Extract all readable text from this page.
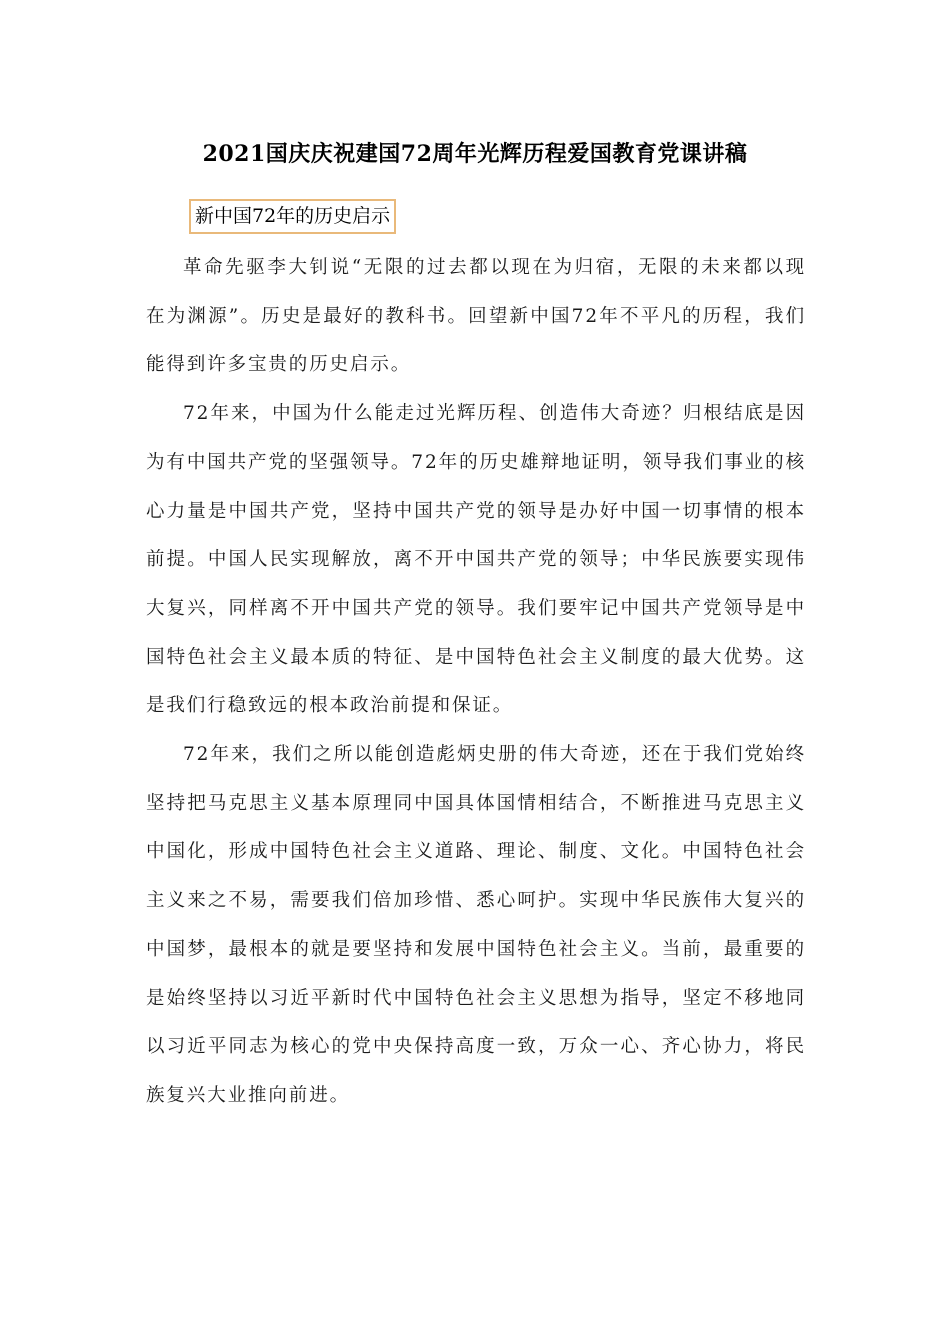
2021国庆庆祝建国72周年光辉历程爱国教育党课讲稿
新中国72年的历史启示

革命先驱李大钊说“无限的过去都以现在为归宿，无限的未来都以现在为渊源”。历史是最好的教科书。回望新中国72年不平凡的历程，我们能得到许多宝贵的历史启示。

72年来，中国为什么能走过光辉历程、创造伟大奇迹？归根结底是因为有中国共产党的坚强领导。72年的历史雄辩地证明，领导我们事业的核心力量是中国共产党，坚持中国共产党的领导是办好中国一切事情的根本前提。中国人民实现解放，离不开中国共产党的领导；中华民族要实现伟大复兴，同样离不开中国共产党的领导。我们要牢记中国共产党领导是中国特色社会主义最本质的特征、是中国特色社会主义制度的最大优势。这是我们行稳致远的根本政治前提和保证。

72年来，我们之所以能创造彪炳史册的伟大奇迹，还在于我们党始终坚持把马克思主义基本原理同中国具体国情相结合，不断推进马克思主义中国化，形成中国特色社会主义道路、理论、制度、文化。中国特色社会主义来之不易，需要我们倍加珍惜、悉心呵护。实现中华民族伟大复兴的中国梦，最根本的就是要坚持和发展中国特色社会主义。当前，最重要的是始终坚持以习近平新时代中国特色社会主义思想为指导，坚定不移地同以习近平同志为核心的党中央保持高度一致，万众一心、齐心协力，将民族复兴大业推向前进。
